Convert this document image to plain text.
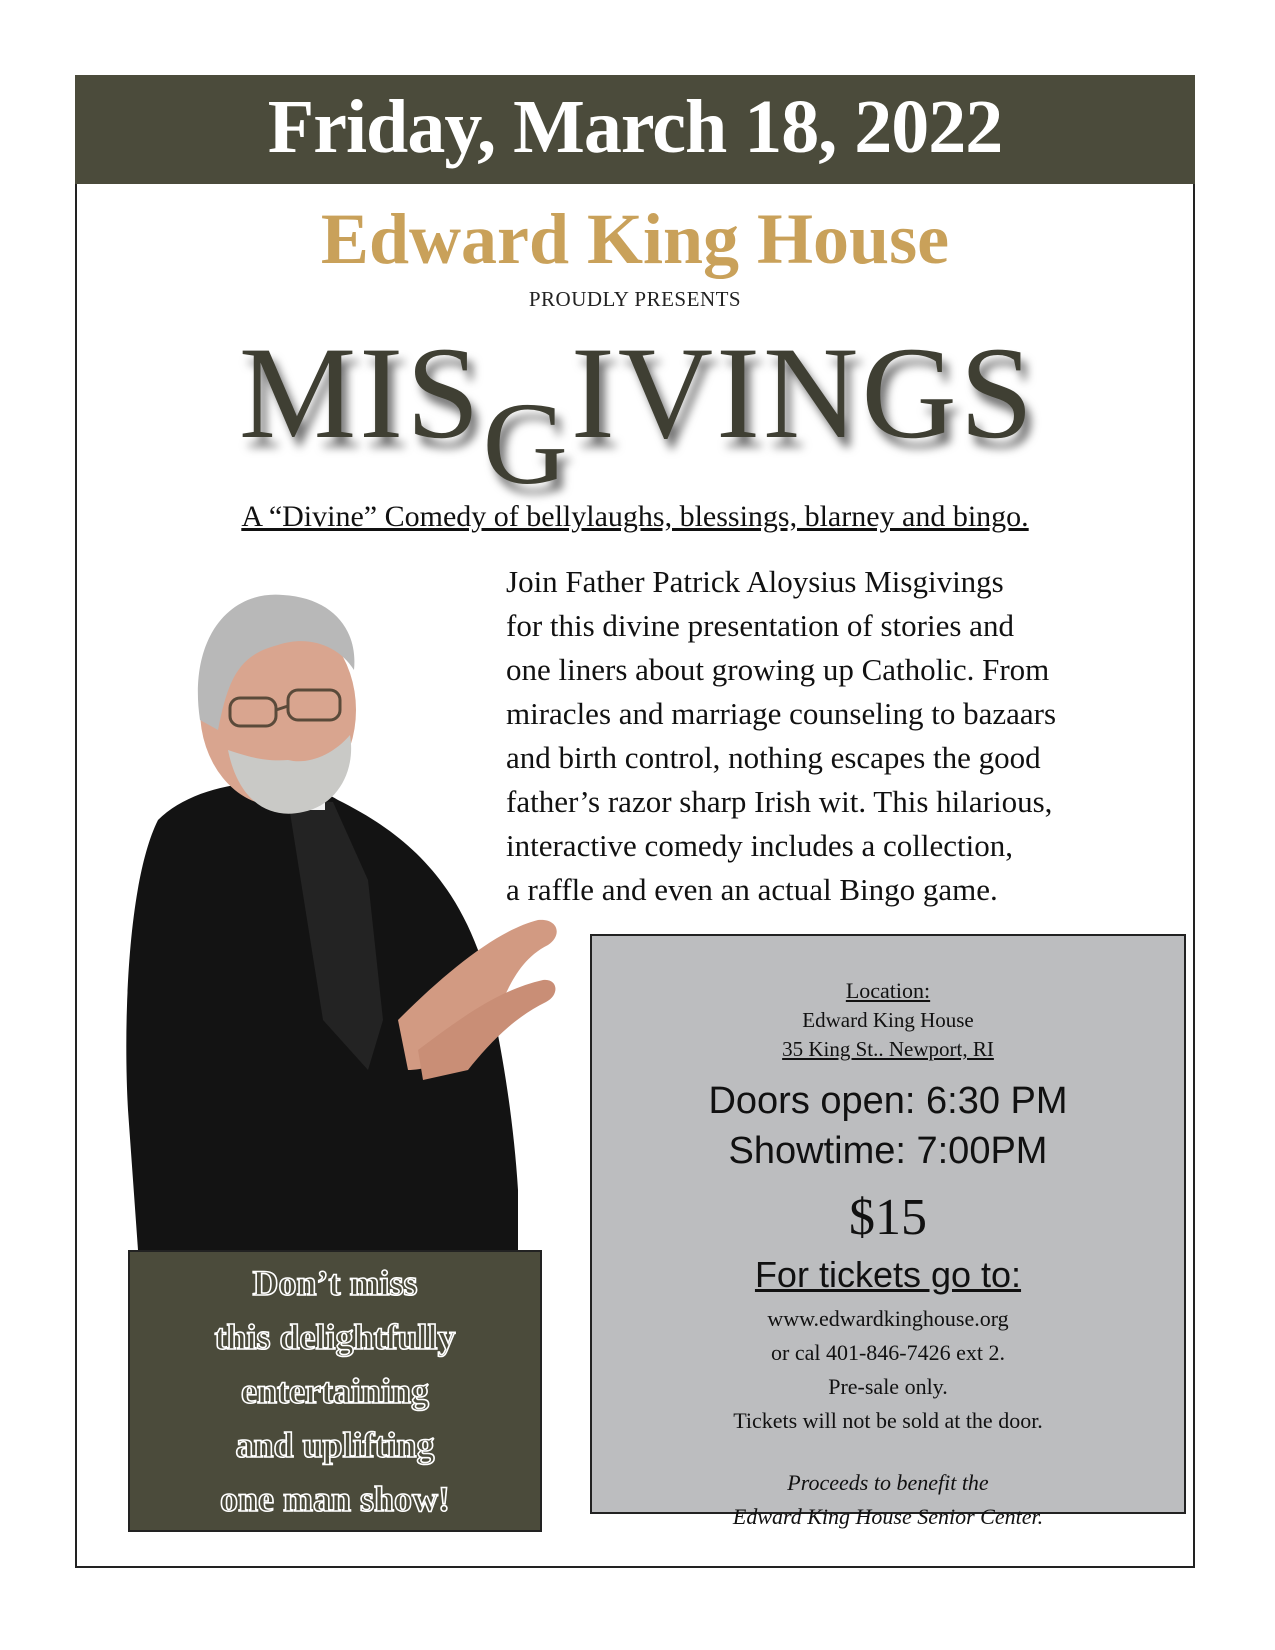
Friday, March 18, 2022
Edward King House
PROUDLY PRESENTS
MISGIVINGS
A “Divine” Comedy of bellylaughs, blessings, blarney and bingo.
Join Father Patrick Aloysius Misgivings
for this divine presentation of stories and
one liners about growing up Catholic. From
miracles and marriage counseling to bazaars
and birth control, nothing escapes the good
father’s razor sharp Irish wit. This hilarious,
interactive comedy includes a collection,
a raffle and even an actual Bingo game.
Don’t miss
this delightfully
entertaining
and uplifting
one man show!
Location:
Edward King House
35 King St.. Newport, RI
Doors open: 6:30 PM
Showtime: 7:00PM
$15
For tickets go to:
www.edwardkinghouse.org
or cal 401-846-7426 ext 2.
Pre-sale only.
Tickets will not be sold at the door.
Proceeds to benefit the
Edward King House Senior Center.
